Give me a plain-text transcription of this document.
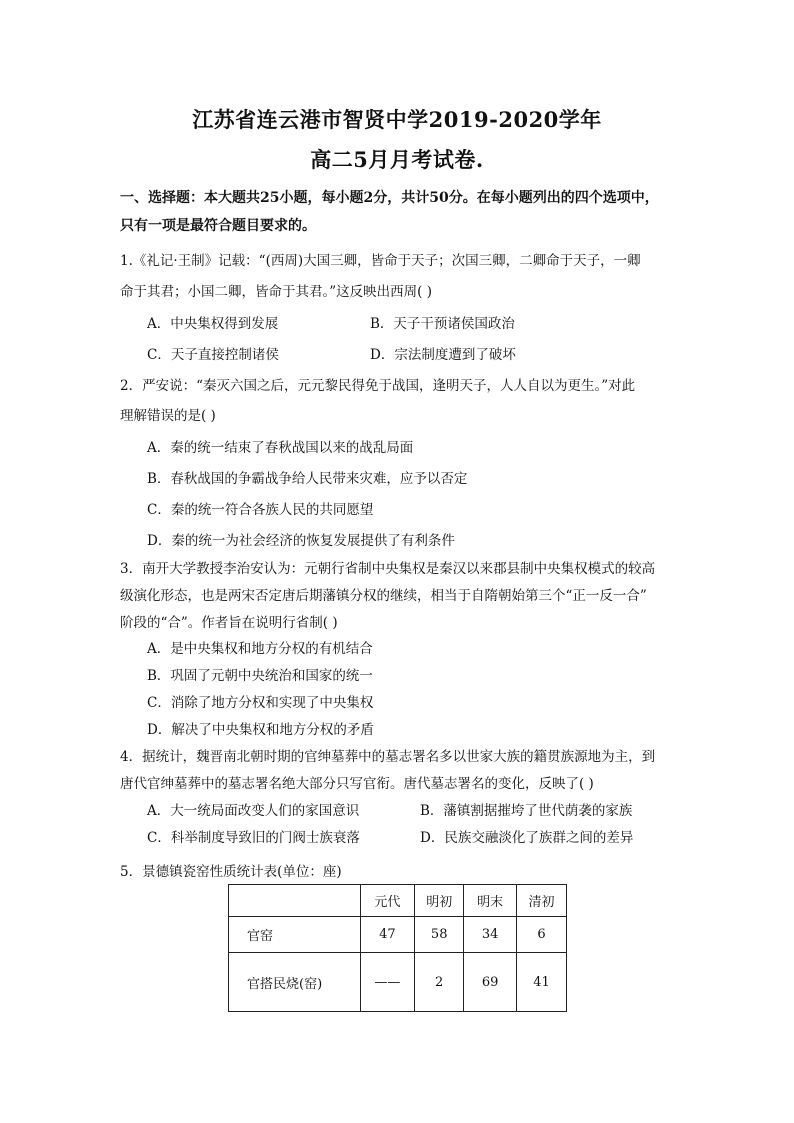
江苏省连云港市智贤中学2019-2020学年
高二5月月考试卷.
一、选择题：本大题共25小题，每小题2分，共计50分。在每小题列出的四个选项中，
只有一项是最符合题目要求的。
1.《礼记·王制》记载：“(西周)大国三卿，皆命于天子；次国三卿，二卿命于天子，一卿
命于其君；小国二卿，皆命于其君。”这反映出西周( )
A．中央集权得到发展	B．天子干预诸侯国政治
C．天子直接控制诸侯	D．宗法制度遭到了破坏
2．严安说：“秦灭六国之后，元元黎民得免于战国，逢明天子，人人自以为更生。”对此
理解错误的是( )
A．秦的统一结束了春秋战国以来的战乱局面
B．春秋战国的争霸战争给人民带来灾难，应予以否定
C．秦的统一符合各族人民的共同愿望
D．秦的统一为社会经济的恢复发展提供了有利条件
3．南开大学教授李治安认为：元朝行省制中央集权是秦汉以来郡县制中央集权模式的较高
级演化形态，也是两宋否定唐后期藩镇分权的继续，相当于自隋朝始第三个“正一反一合”
阶段的“合”。作者旨在说明行省制( )
A．是中央集权和地方分权的有机结合
B．巩固了元朝中央统治和国家的统一
C．消除了地方分权和实现了中央集权
D．解决了中央集权和地方分权的矛盾
4．据统计，魏晋南北朝时期的官绅墓葬中的墓志署名多以世家大族的籍贯族源地为主，到
唐代官绅墓葬中的墓志署名绝大部分只写官衔。唐代墓志署名的变化，反映了( )
A．大一统局面改变人们的家国意识	B．藩镇割据摧垮了世代荫袭的家族
C．科举制度导致旧的门阀士族衰落	D．民族交融淡化了族群之间的差异
5．景德镇瓷窑性质统计表(单位：座)
	元代	明初	明末	清初
官窑	47	58	34	6
官搭民烧(窑)	——	2	69	41
